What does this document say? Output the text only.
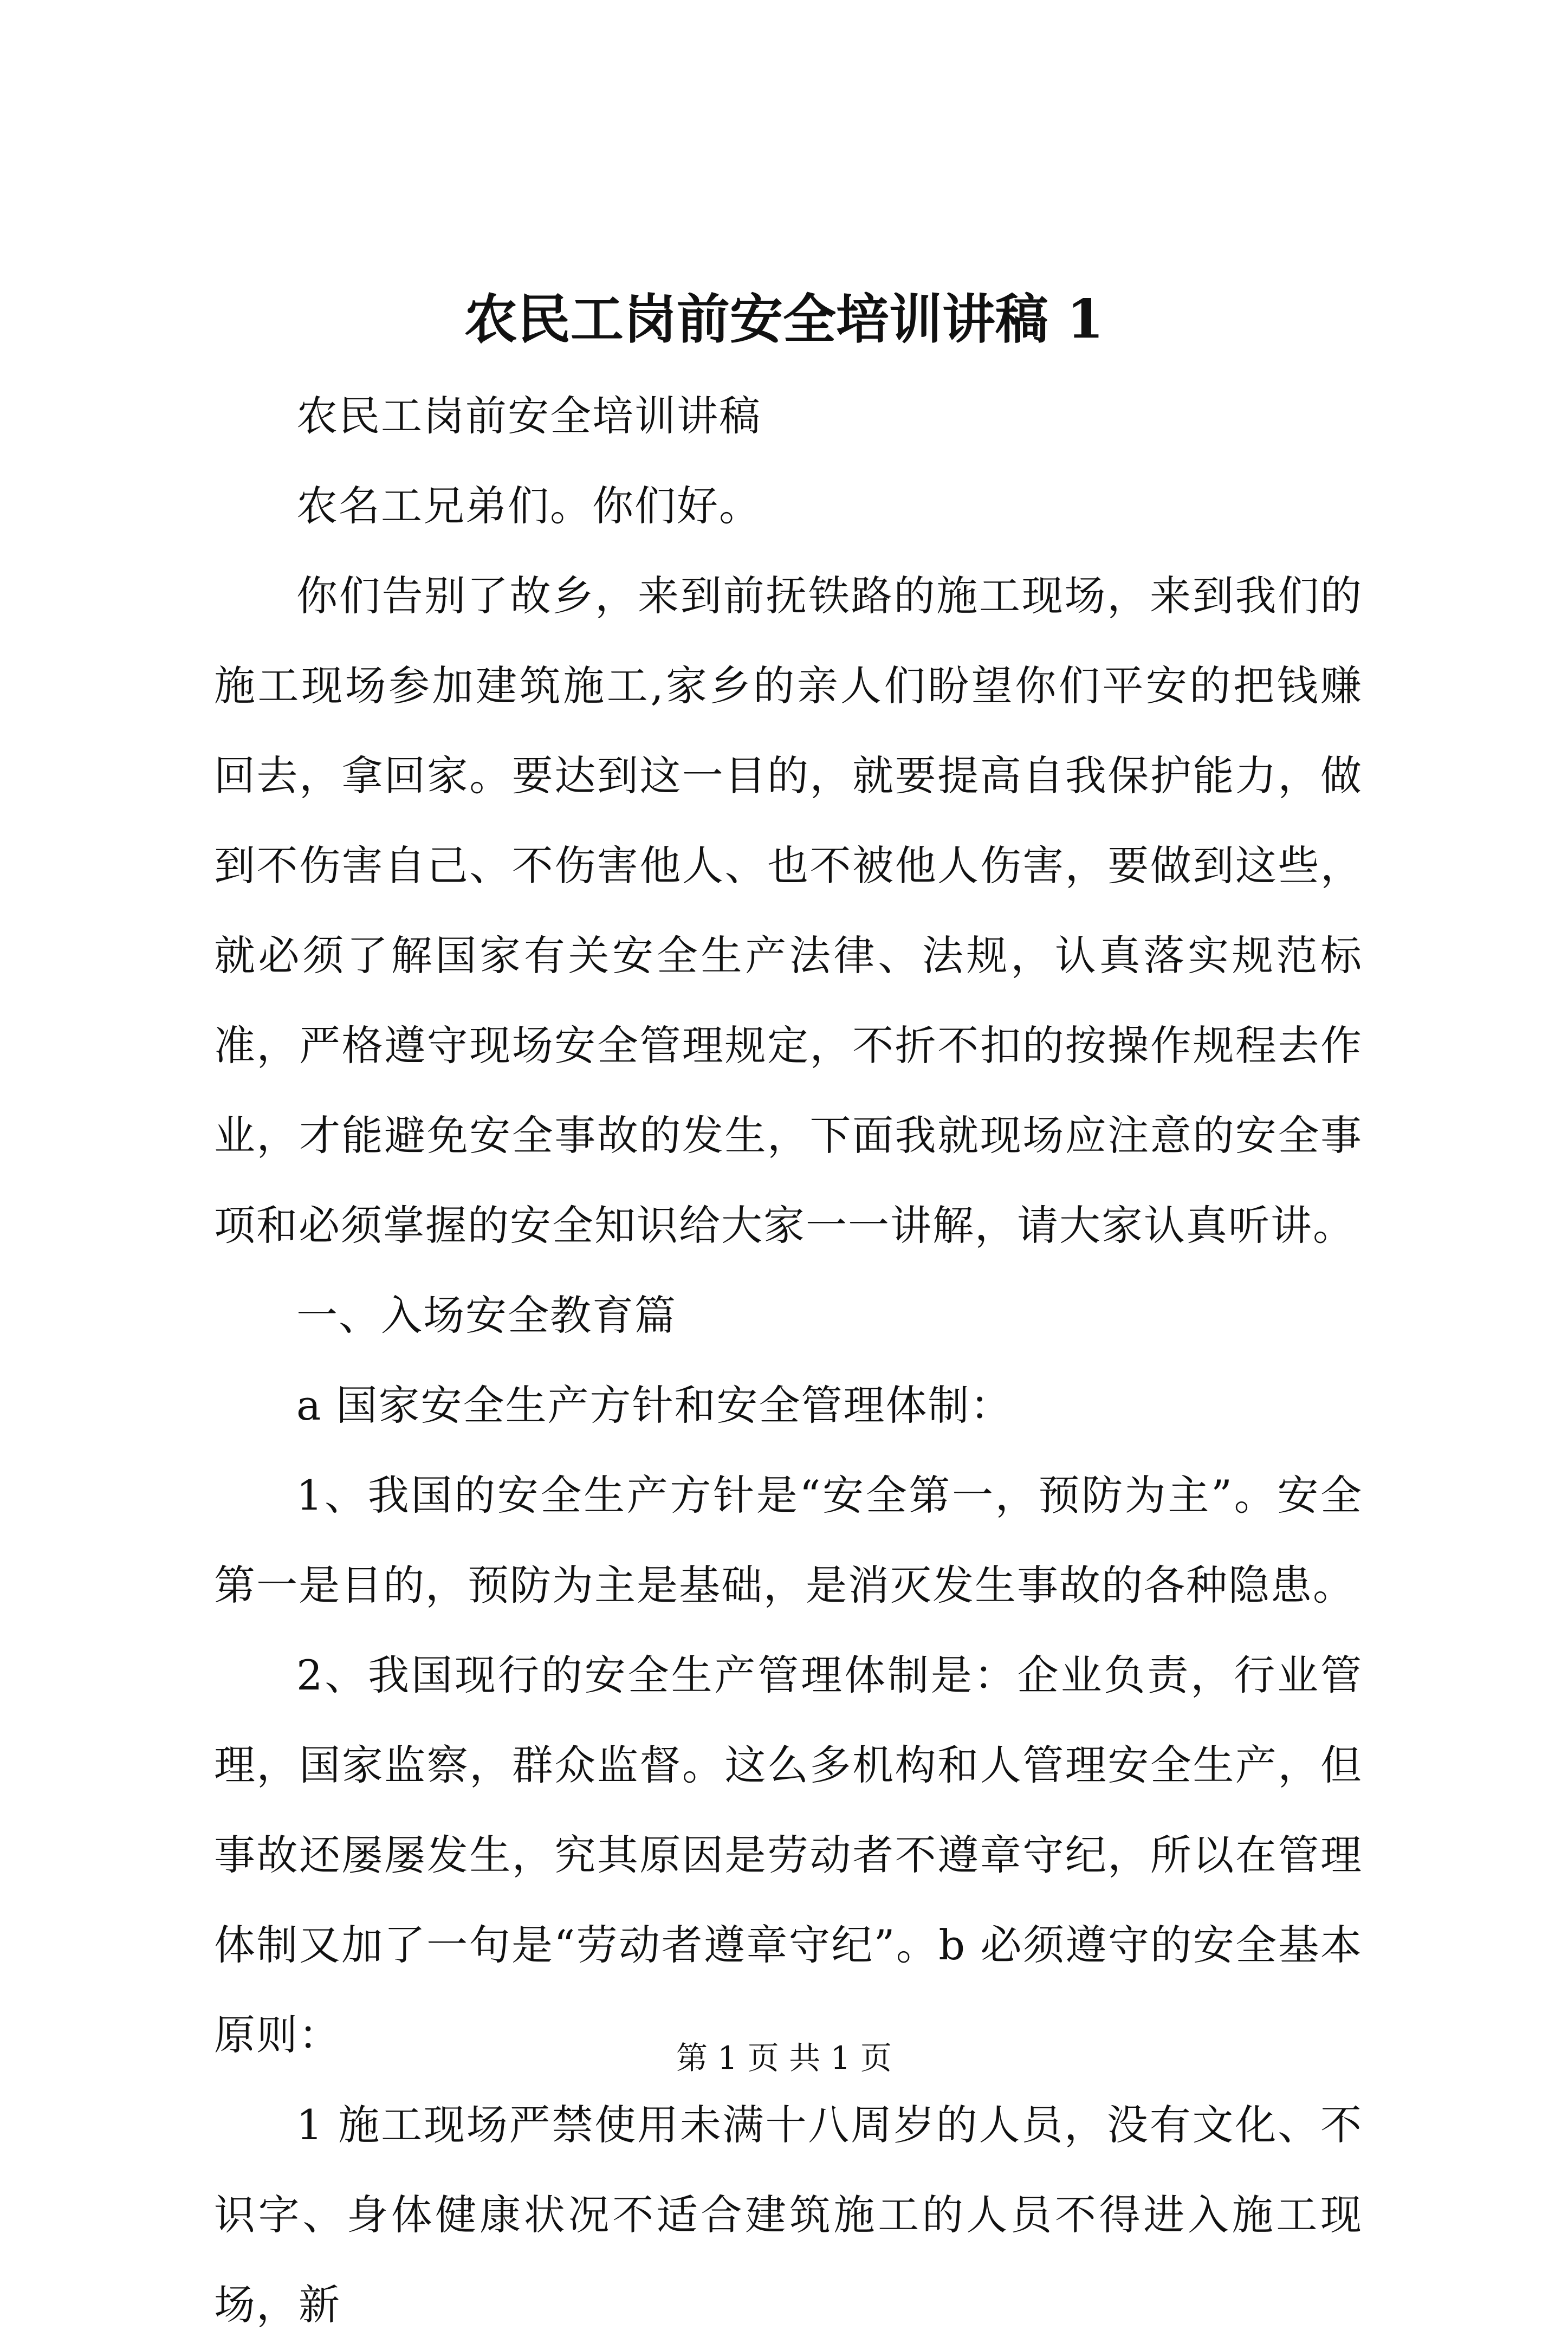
农民工岗前安全培训讲稿 1

农民工岗前安全培训讲稿

农名工兄弟们。你们好。

你们告别了故乡，来到前抚铁路的施工现场，来到我们的施工现场参加建筑施工,家乡的亲人们盼望你们平安的把钱赚回去，拿回家。要达到这一目的，就要提高自我保护能力，做到不伤害自己、不伤害他人、也不被他人伤害，要做到这些，就必须了解国家有关安全生产法律、法规，认真落实规范标准，严格遵守现场安全管理规定，不折不扣的按操作规程去作业，才能避免安全事故的发生，下面我就现场应注意的安全事项和必须掌握的安全知识给大家一一讲解，请大家认真听讲。

一、入场安全教育篇

a 国家安全生产方针和安全管理体制：

1、我国的安全生产方针是“安全第一，预防为主”。安全第一是目的，预防为主是基础，是消灭发生事故的各种隐患。

2、我国现行的安全生产管理体制是：企业负责，行业管理，国家监察，群众监督。这么多机构和人管理安全生产，但事故还屡屡发生，究其原因是劳动者不遵章守纪，所以在管理体制又加了一句是“劳动者遵章守纪”。b 必须遵守的安全基本原则：

1 施工现场严禁使用未满十八周岁的人员，没有文化、不识字、身体健康状况不适合建筑施工的人员不得进入施工现场，新

第 1 页 共 1 页
